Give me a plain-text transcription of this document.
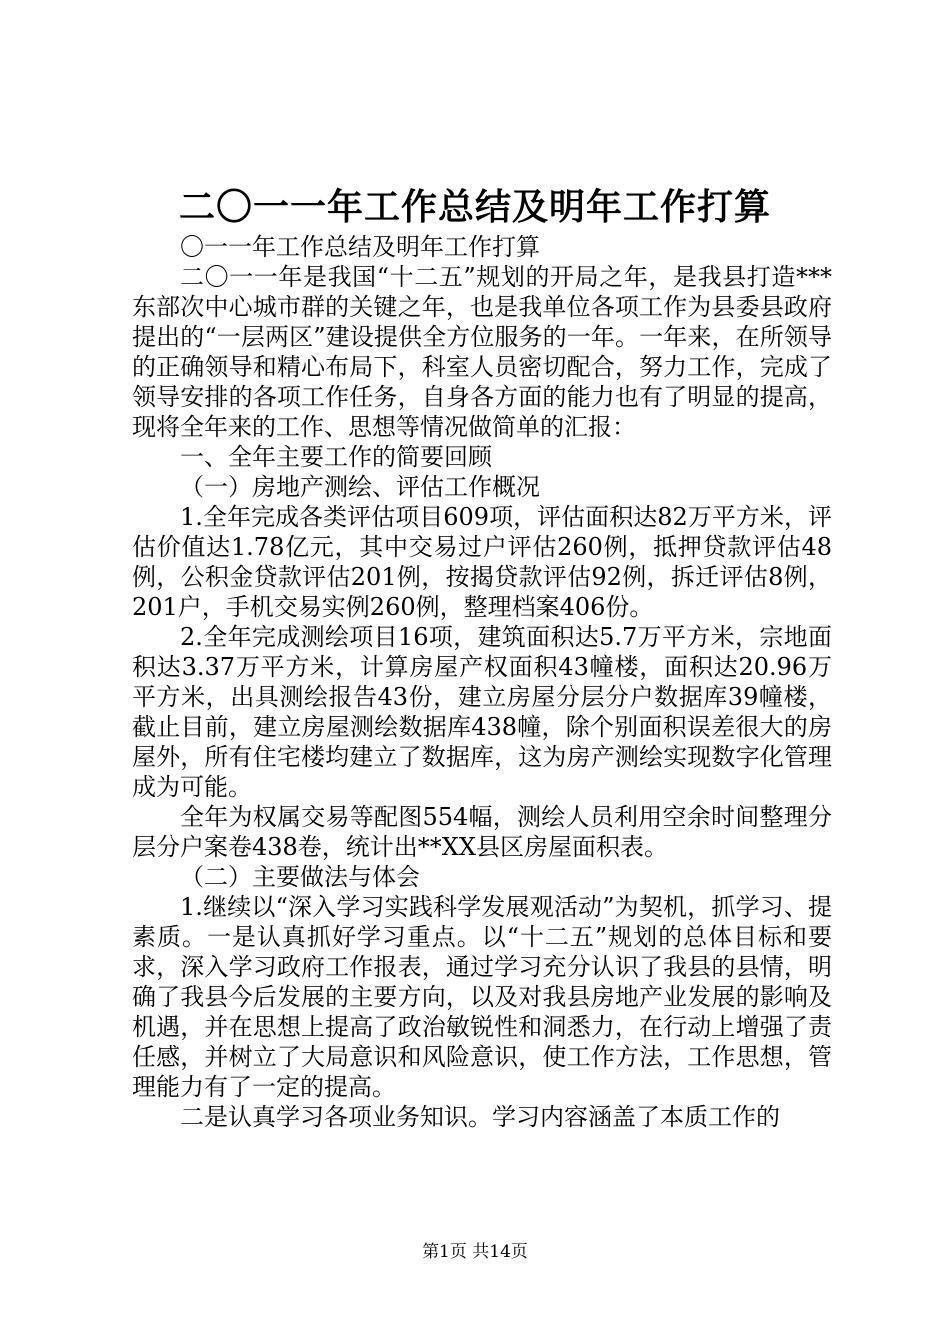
二〇一一年工作总结及明年工作打算

〇一一年工作总结及明年工作打算

二〇一一年是我国“十二五”规划的开局之年，是我县打造***东部次中心城市群的关键之年，也是我单位各项工作为县委县政府提出的“一层两区”建设提供全方位服务的一年。一年来，在所领导的正确领导和精心布局下，科室人员密切配合，努力工作，完成了领导安排的各项工作任务，自身各方面的能力也有了明显的提高，现将全年来的工作、思想等情况做简单的汇报：

一、全年主要工作的简要回顾

（一）房地产测绘、评估工作概况

1.全年完成各类评估项目609项，评估面积达82万平方米，评估价值达1.78亿元，其中交易过户评估260例，抵押贷款评估48例，公积金贷款评估201例，按揭贷款评估92例，拆迁评估8例，201户，手机交易实例260例，整理档案406份。

2.全年完成测绘项目16项，建筑面积达5.7万平方米，宗地面积达3.37万平方米，计算房屋产权面积43幢楼，面积达20.96万平方米，出具测绘报告43份，建立房屋分层分户数据库39幢楼，截止目前，建立房屋测绘数据库438幢，除个别面积误差很大的房屋外，所有住宅楼均建立了数据库，这为房产测绘实现数字化管理成为可能。

全年为权属交易等配图554幅，测绘人员利用空余时间整理分层分户案卷438卷，统计出**XX县区房屋面积表。

（二）主要做法与体会

1.继续以“深入学习实践科学发展观活动”为契机，抓学习、提素质。一是认真抓好学习重点。以“十二五”规划的总体目标和要求，深入学习政府工作报表，通过学习充分认识了我县的县情，明确了我县今后发展的主要方向，以及对我县房地产业发展的影响及机遇，并在思想上提高了政治敏锐性和洞悉力，在行动上增强了责任感，并树立了大局意识和风险意识，使工作方法，工作思想，管理能力有了一定的提高。

二是认真学习各项业务知识。学习内容涵盖了本质工作的

第1页 共14页
